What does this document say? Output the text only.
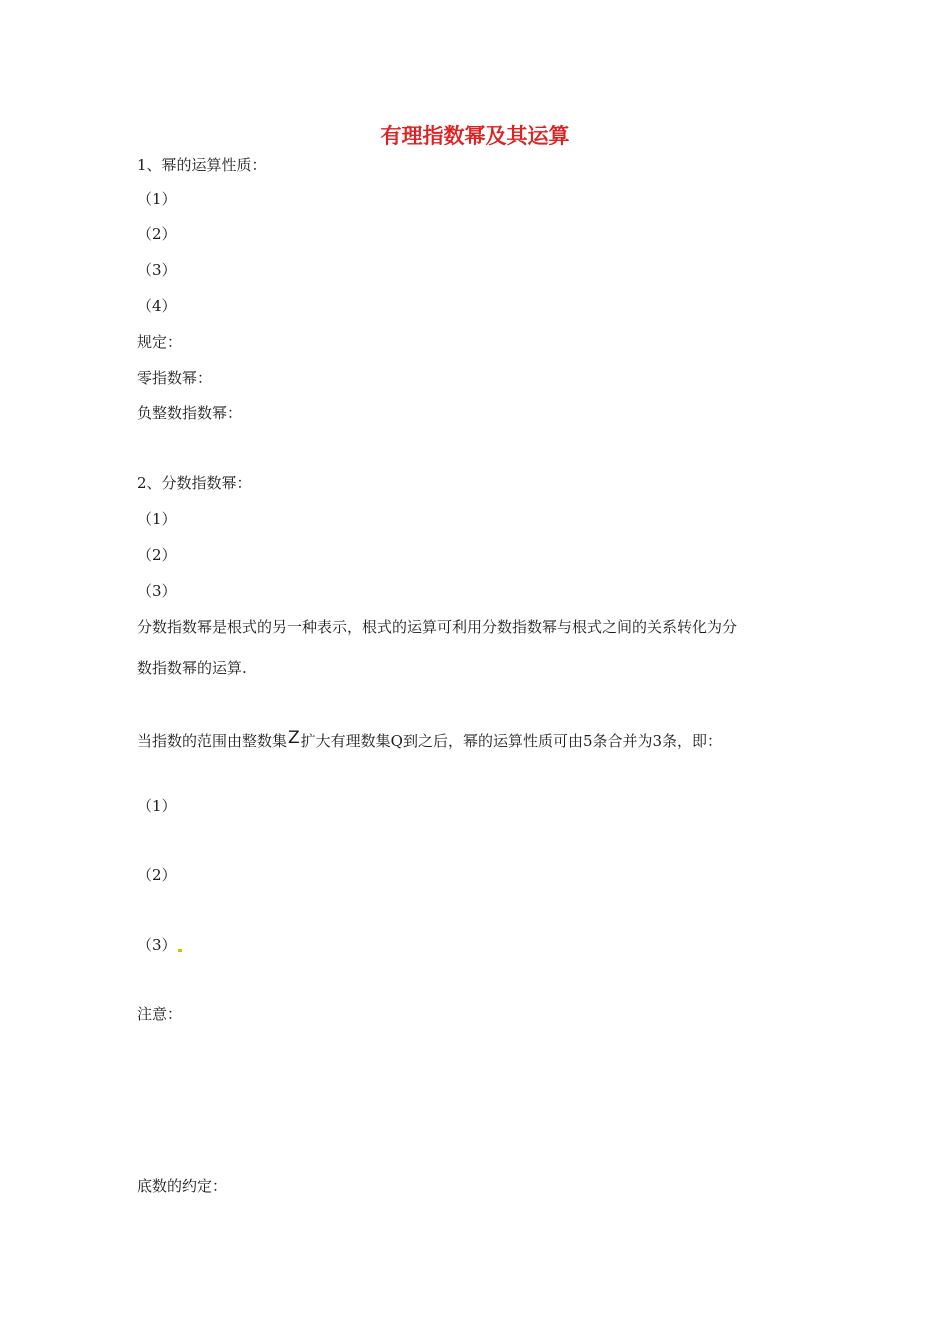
有理指数幂及其运算
1、幂的运算性质：
（1）
（2）
（3）
（4）
规定：
零指数幂：
负整数指数幂：
2、分数指数幂：
（1）
（2）
（3）
分数指数幂是根式的另一种表示，根式的运算可利用分数指数幂与根式之间的关系转化为分
数指数幂的运算.
当指数的范围由整数集Z扩大有理数集Q到之后，幂的运算性质可由5条合并为3条，即：
（1）
（2）
（3）
注意：
底数的约定：
